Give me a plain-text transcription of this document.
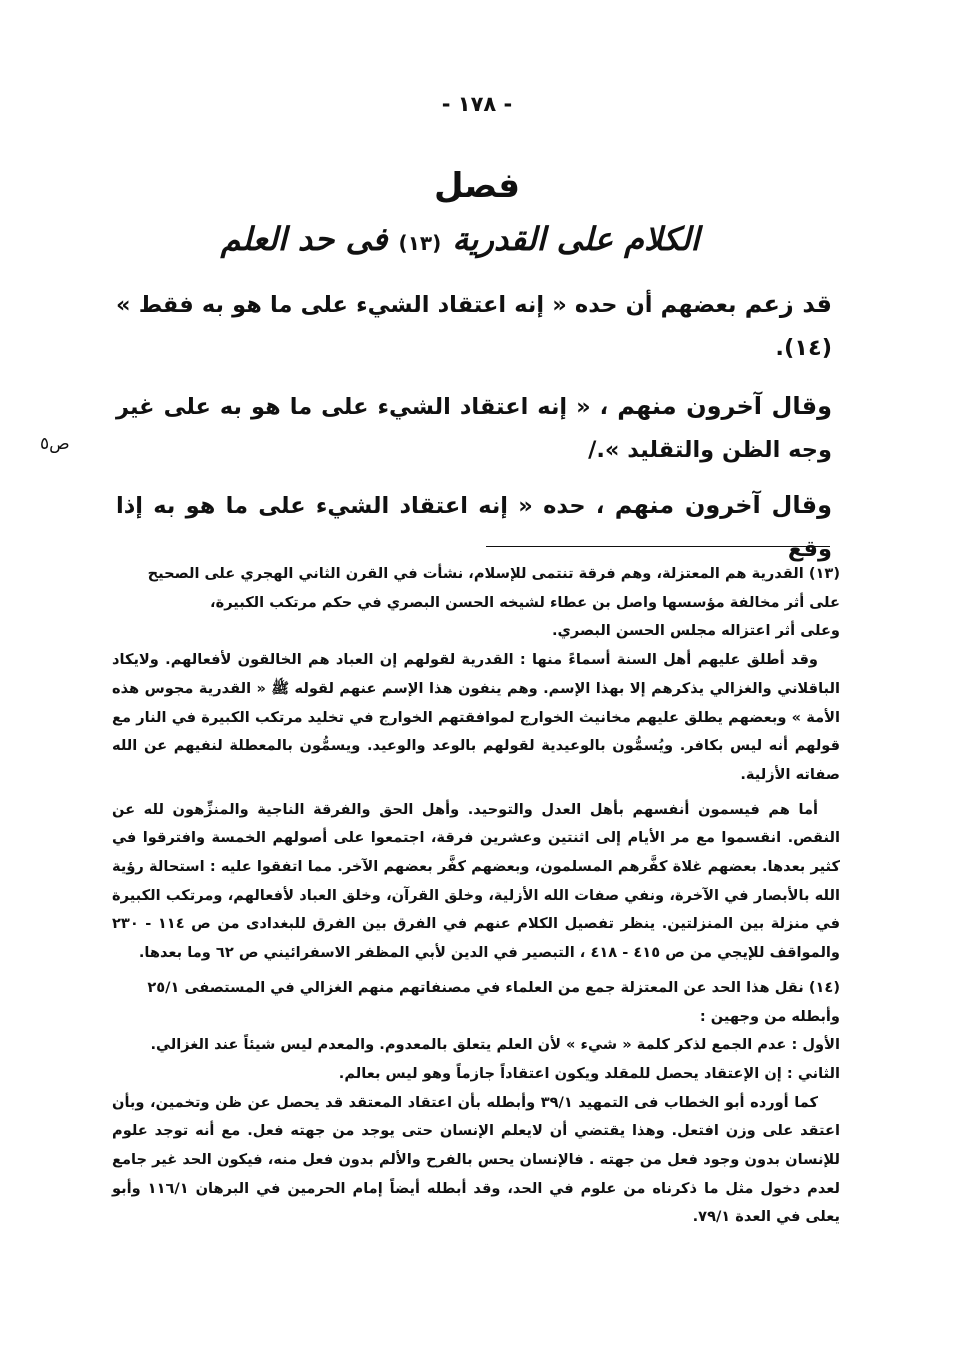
- ١٧٨ -
ص٥
فصل
الكلام على القدرية (١٣) فى حد العلم

قد زعم بعضهم أن حده « إنه اعتقاد الشيء على ما هو به فقط » (١٤).

وقال آخرون منهم ، « إنه اعتقاد الشيء على ما هو به على غير وجه الظن والتقليد »./

وقال آخرون منهم ، حده « إنه اعتقاد الشيء على ما هو به إذا وقع

(١٣) القدرية هم المعتزلة، وهم فرقة تنتمى للإسلام، نشأت في القرن الثاني الهجري على الصحيح

على أثر مخالفة مؤسسها واصل بن عطاء لشيخه الحسن البصري في حكم مرتكب الكبيرة،

وعلى أثر اعتزاله مجلس الحسن البصري.

وقد أطلق عليهم أهل السنة أسماءً منها : القدرية لقولهم إن العباد هم الخالقون لأفعالهم. ولايكاد الباقلاني والغزالي يذكرهم إلا بهذا الإسم. وهم ينفون هذا الإسم عنهم لقوله ﷺ « القدرية مجوس هذه الأمة » وبعضهم يطلق عليهم مخانيث الخوارج لموافقتهم الخوارج في تخليد مرتكب الكبيرة في النار مع قولهم أنه ليس بكافر. ويُسمُّون بالوعيدية لقولهم بالوعد والوعيد. ويسمُّون بالمعطلة لنفيهم عن الله صفاته الأزلية.

أما هم فيسمون أنفسهم بأهل العدل والتوحيد. وأهل الحق والفرقة الناجية والمنزِّهون لله عن النقص. انقسموا مع مر الأيام إلى اثنتين وعشرين فرقة، اجتمعوا على أصولهم الخمسة وافترقوا في كثير بعدها. بعضهم غلاة كفَّرهم المسلمون، وبعضهم كفَّر بعضهم الآخر. مما اتفقوا عليه : استحالة رؤية الله بالأبصار في الآخرة، ونفي صفات الله الأزلية، وخلق القرآن، وخلق العباد لأفعالهم، ومرتكب الكبيرة في منزلة بين المنزلتين. ينظر تفصيل الكلام عنهم في الفرق بين الفرق للبغدادى من ص ١١٤ - ٢٣٠ والمواقف للإيجي من ص ٤١٥ - ٤١٨ ، التبصير في الدين لأبي المظفر الاسفرائيني ص ٦٢ وما بعدها.

(١٤) نقل هذا الحد عن المعتزلة جمع من العلماء في مصنفاتهم منهم الغزالي في المستصفى ٢٥/١

وأبطله من وجهين :

الأول : عدم الجمع لذكر كلمة « شيء » لأن العلم يتعلق بالمعدوم. والمعدم ليس شيئاً عند الغزالي.

الثاني : إن الإعتقاد يحصل للمقلد ويكون اعتقاداً جازماً وهو ليس بعالم.

كما أورده أبو الخطاب فى التمهيد ٣٩/١ وأبطله بأن اعتقاد المعتقد قد يحصل عن ظن وتخمين، وبأن اعتقد على وزن افتعل. وهذا يقتضي أن لايعلم الإنسان حتى يوجد من جهته فعل. مع أنه توجد علوم للإنسان بدون وجود فعل من جهته . فالإنسان يحس بالفرح والألم بدون فعل منه، فيكون الحد غير جامع لعدم دخول مثل ما ذكرناه من علوم في الحد، وقد أبطله أيضاً إمام الحرمين في البرهان ١١٦/١ وأبو يعلى في العدة ٧٩/١.
